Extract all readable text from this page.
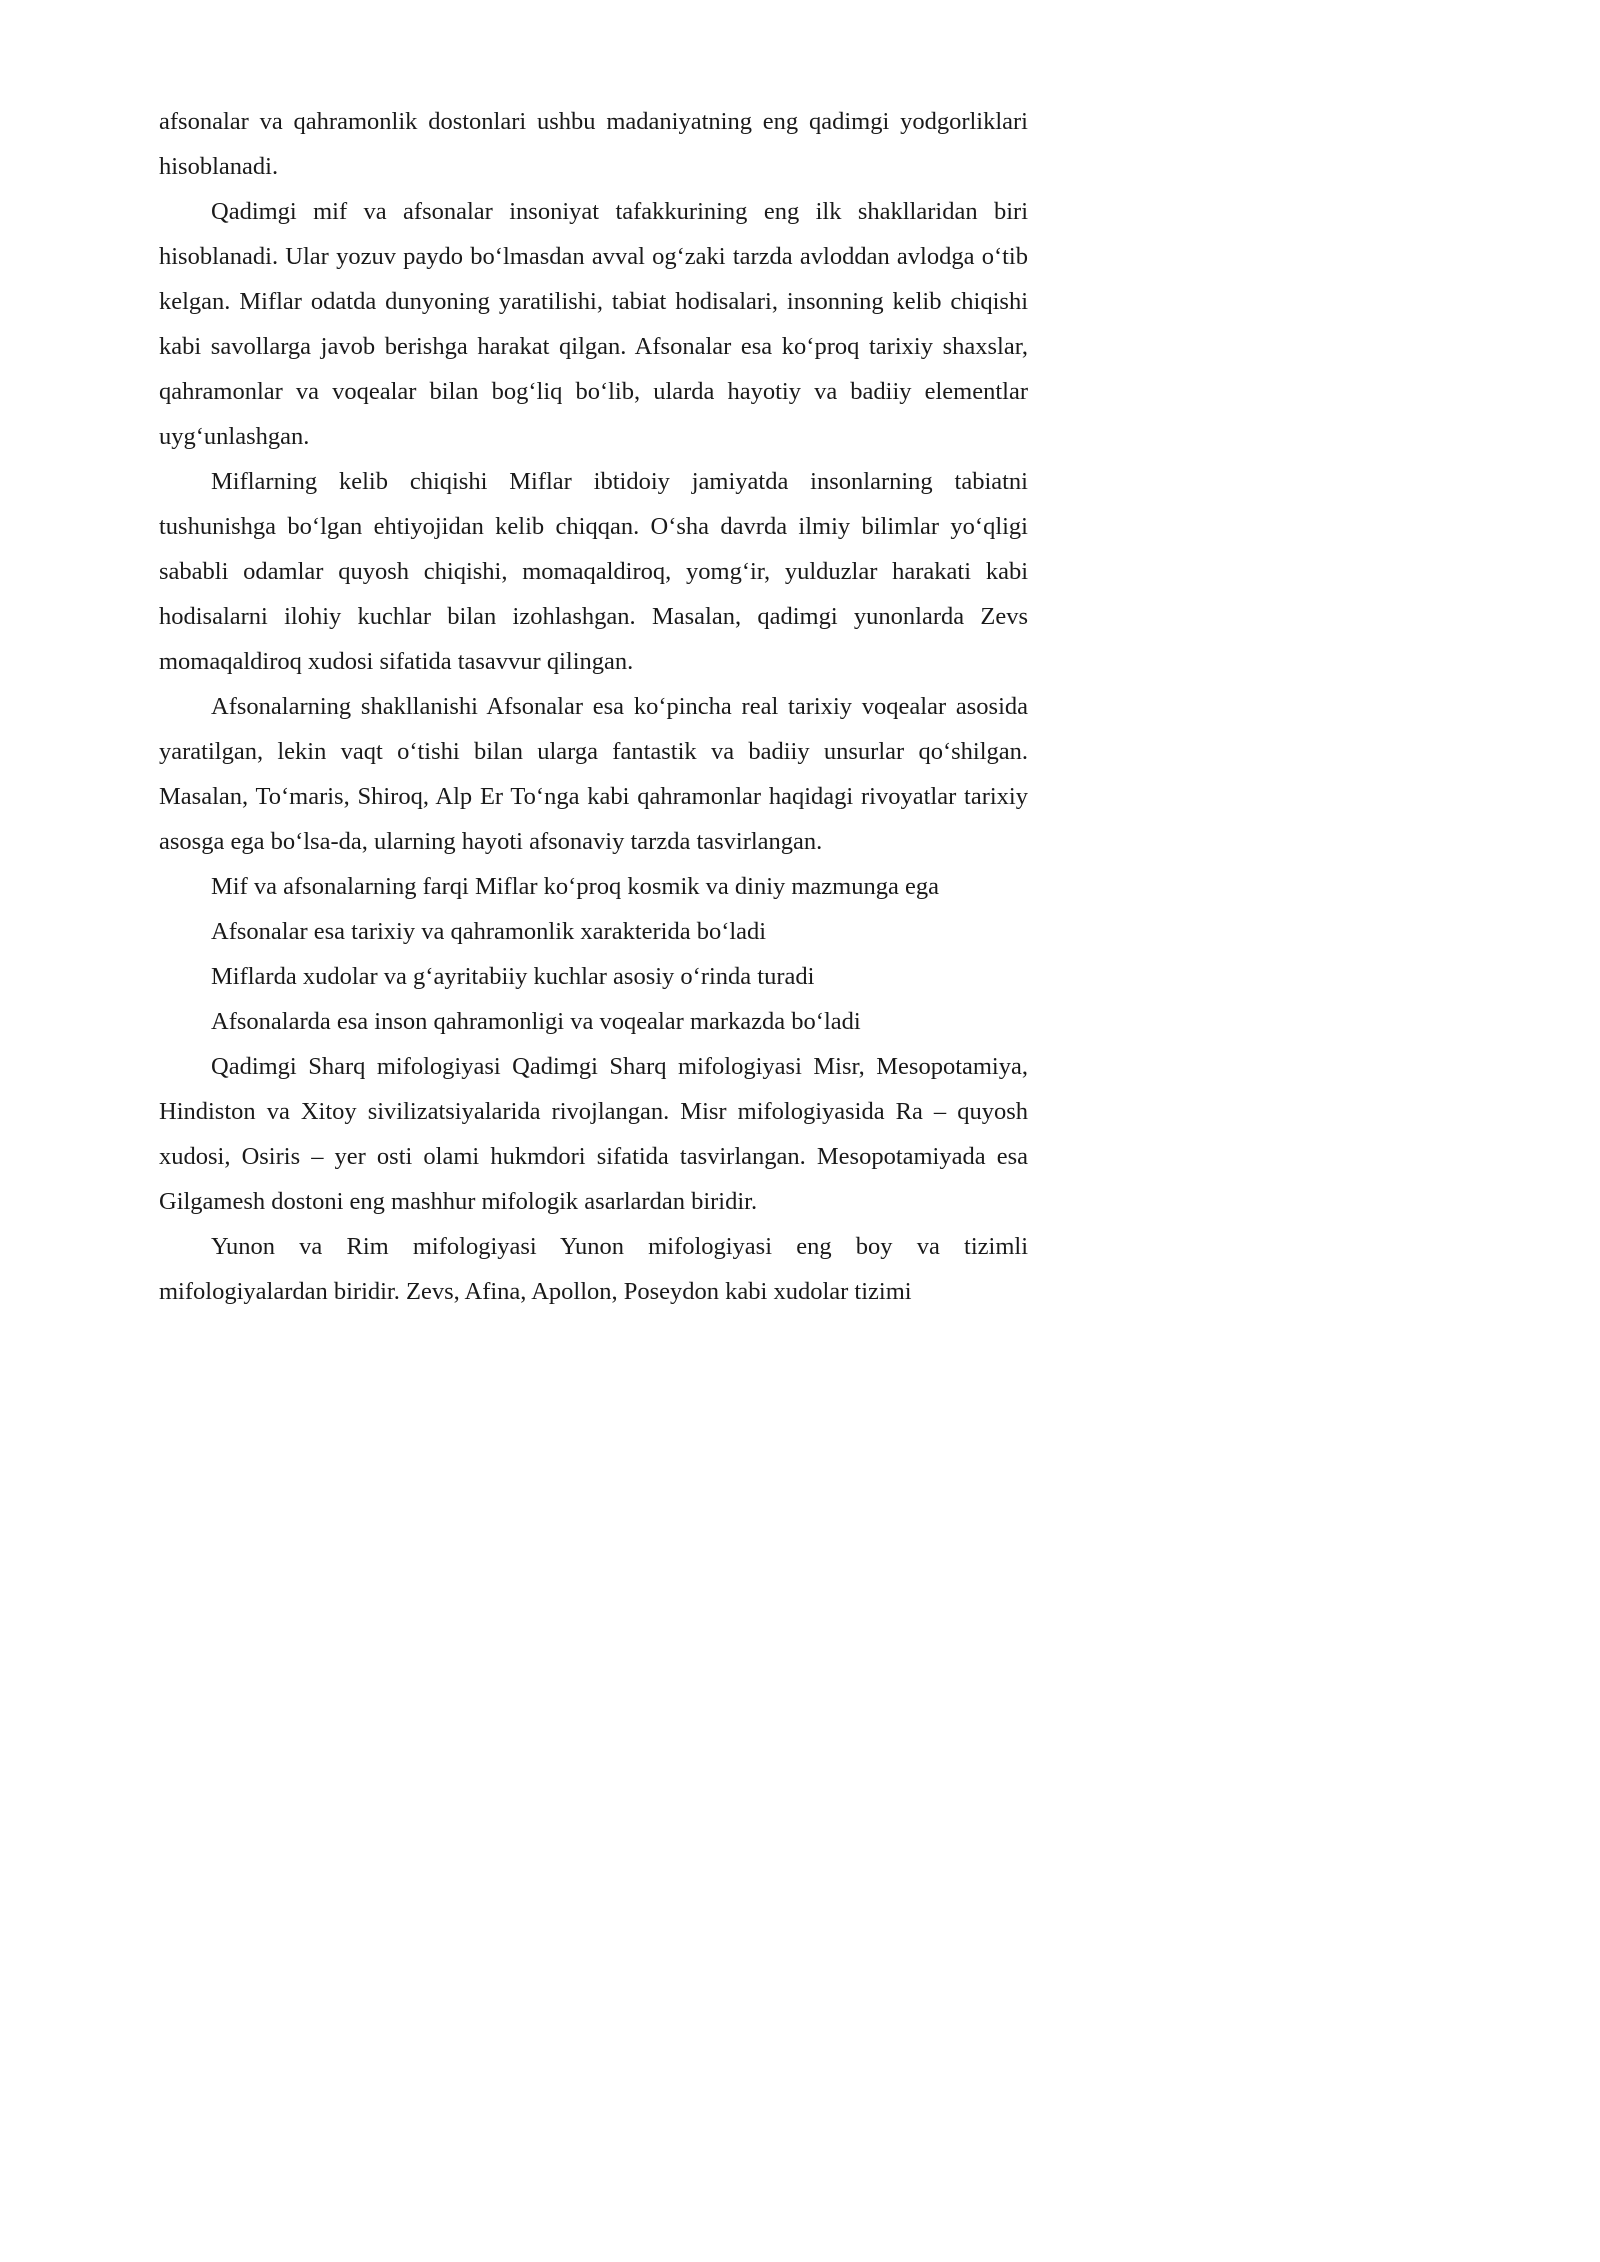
afsonalar va qahramonlik dostonlari ushbu madaniyatning eng qadimgi yodgorliklari hisoblanadi.

Qadimgi mif va afsonalar insoniyat tafakkurining eng ilk shakllaridan biri hisoblanadi. Ular yozuv paydo bo‘lmasdan avval og‘zaki tarzda avloddan avlodga o‘tib kelgan. Miflar odatda dunyoning yaratilishi, tabiat hodisalari, insonning kelib chiqishi kabi savollarga javob berishga harakat qilgan. Afsonalar esa ko‘proq tarixiy shaxslar, qahramonlar va voqealar bilan bog‘liq bo‘lib, ularda hayotiy va badiiy elementlar uyg‘unlashgan.

Miflarning kelib chiqishi Miflar ibtidoiy jamiyatda insonlarning tabiatni tushunishga bo‘lgan ehtiyojidan kelib chiqqan. O‘sha davrda ilmiy bilimlar yo‘qligi sababli odamlar quyosh chiqishi, momaqaldiroq, yomg‘ir, yulduzlar harakati kabi hodisalarni ilohiy kuchlar bilan izohlashgan. Masalan, qadimgi yunonlarda Zevs momaqaldiroq xudosi sifatida tasavvur qilingan.

Afsonalarning shakllanishi Afsonalar esa ko‘pincha real tarixiy voqealar asosida yaratilgan, lekin vaqt o‘tishi bilan ularga fantastik va badiiy unsurlar qo‘shilgan. Masalan, To‘maris, Shiroq, Alp Er To‘nga kabi qahramonlar haqidagi rivoyatlar tarixiy asosga ega bo‘lsa-da, ularning hayoti afsonaviy tarzda tasvirlangan.

Mif va afsonalarning farqi Miflar ko‘proq kosmik va diniy mazmunga ega

Afsonalar esa tarixiy va qahramonlik xarakterida bo‘ladi

Miflarda xudolar va g‘ayritabiiy kuchlar asosiy o‘rinda turadi

Afsonalarda esa inson qahramonligi va voqealar markazda bo‘ladi

Qadimgi Sharq mifologiyasi Qadimgi Sharq mifologiyasi Misr, Mesopotamiya, Hindiston va Xitoy sivilizatsiyalarida rivojlangan. Misr mifologiyasida Ra – quyosh xudosi, Osiris – yer osti olami hukmdori sifatida tasvirlangan. Mesopotamiyada esa Gilgamesh dostoni eng mashhur mifologik asarlardan biridir.

Yunon va Rim mifologiyasi Yunon mifologiyasi eng boy va tizimli mifologiyalardan biridir. Zevs, Afina, Apollon, Poseydon kabi xudolar tizimi
